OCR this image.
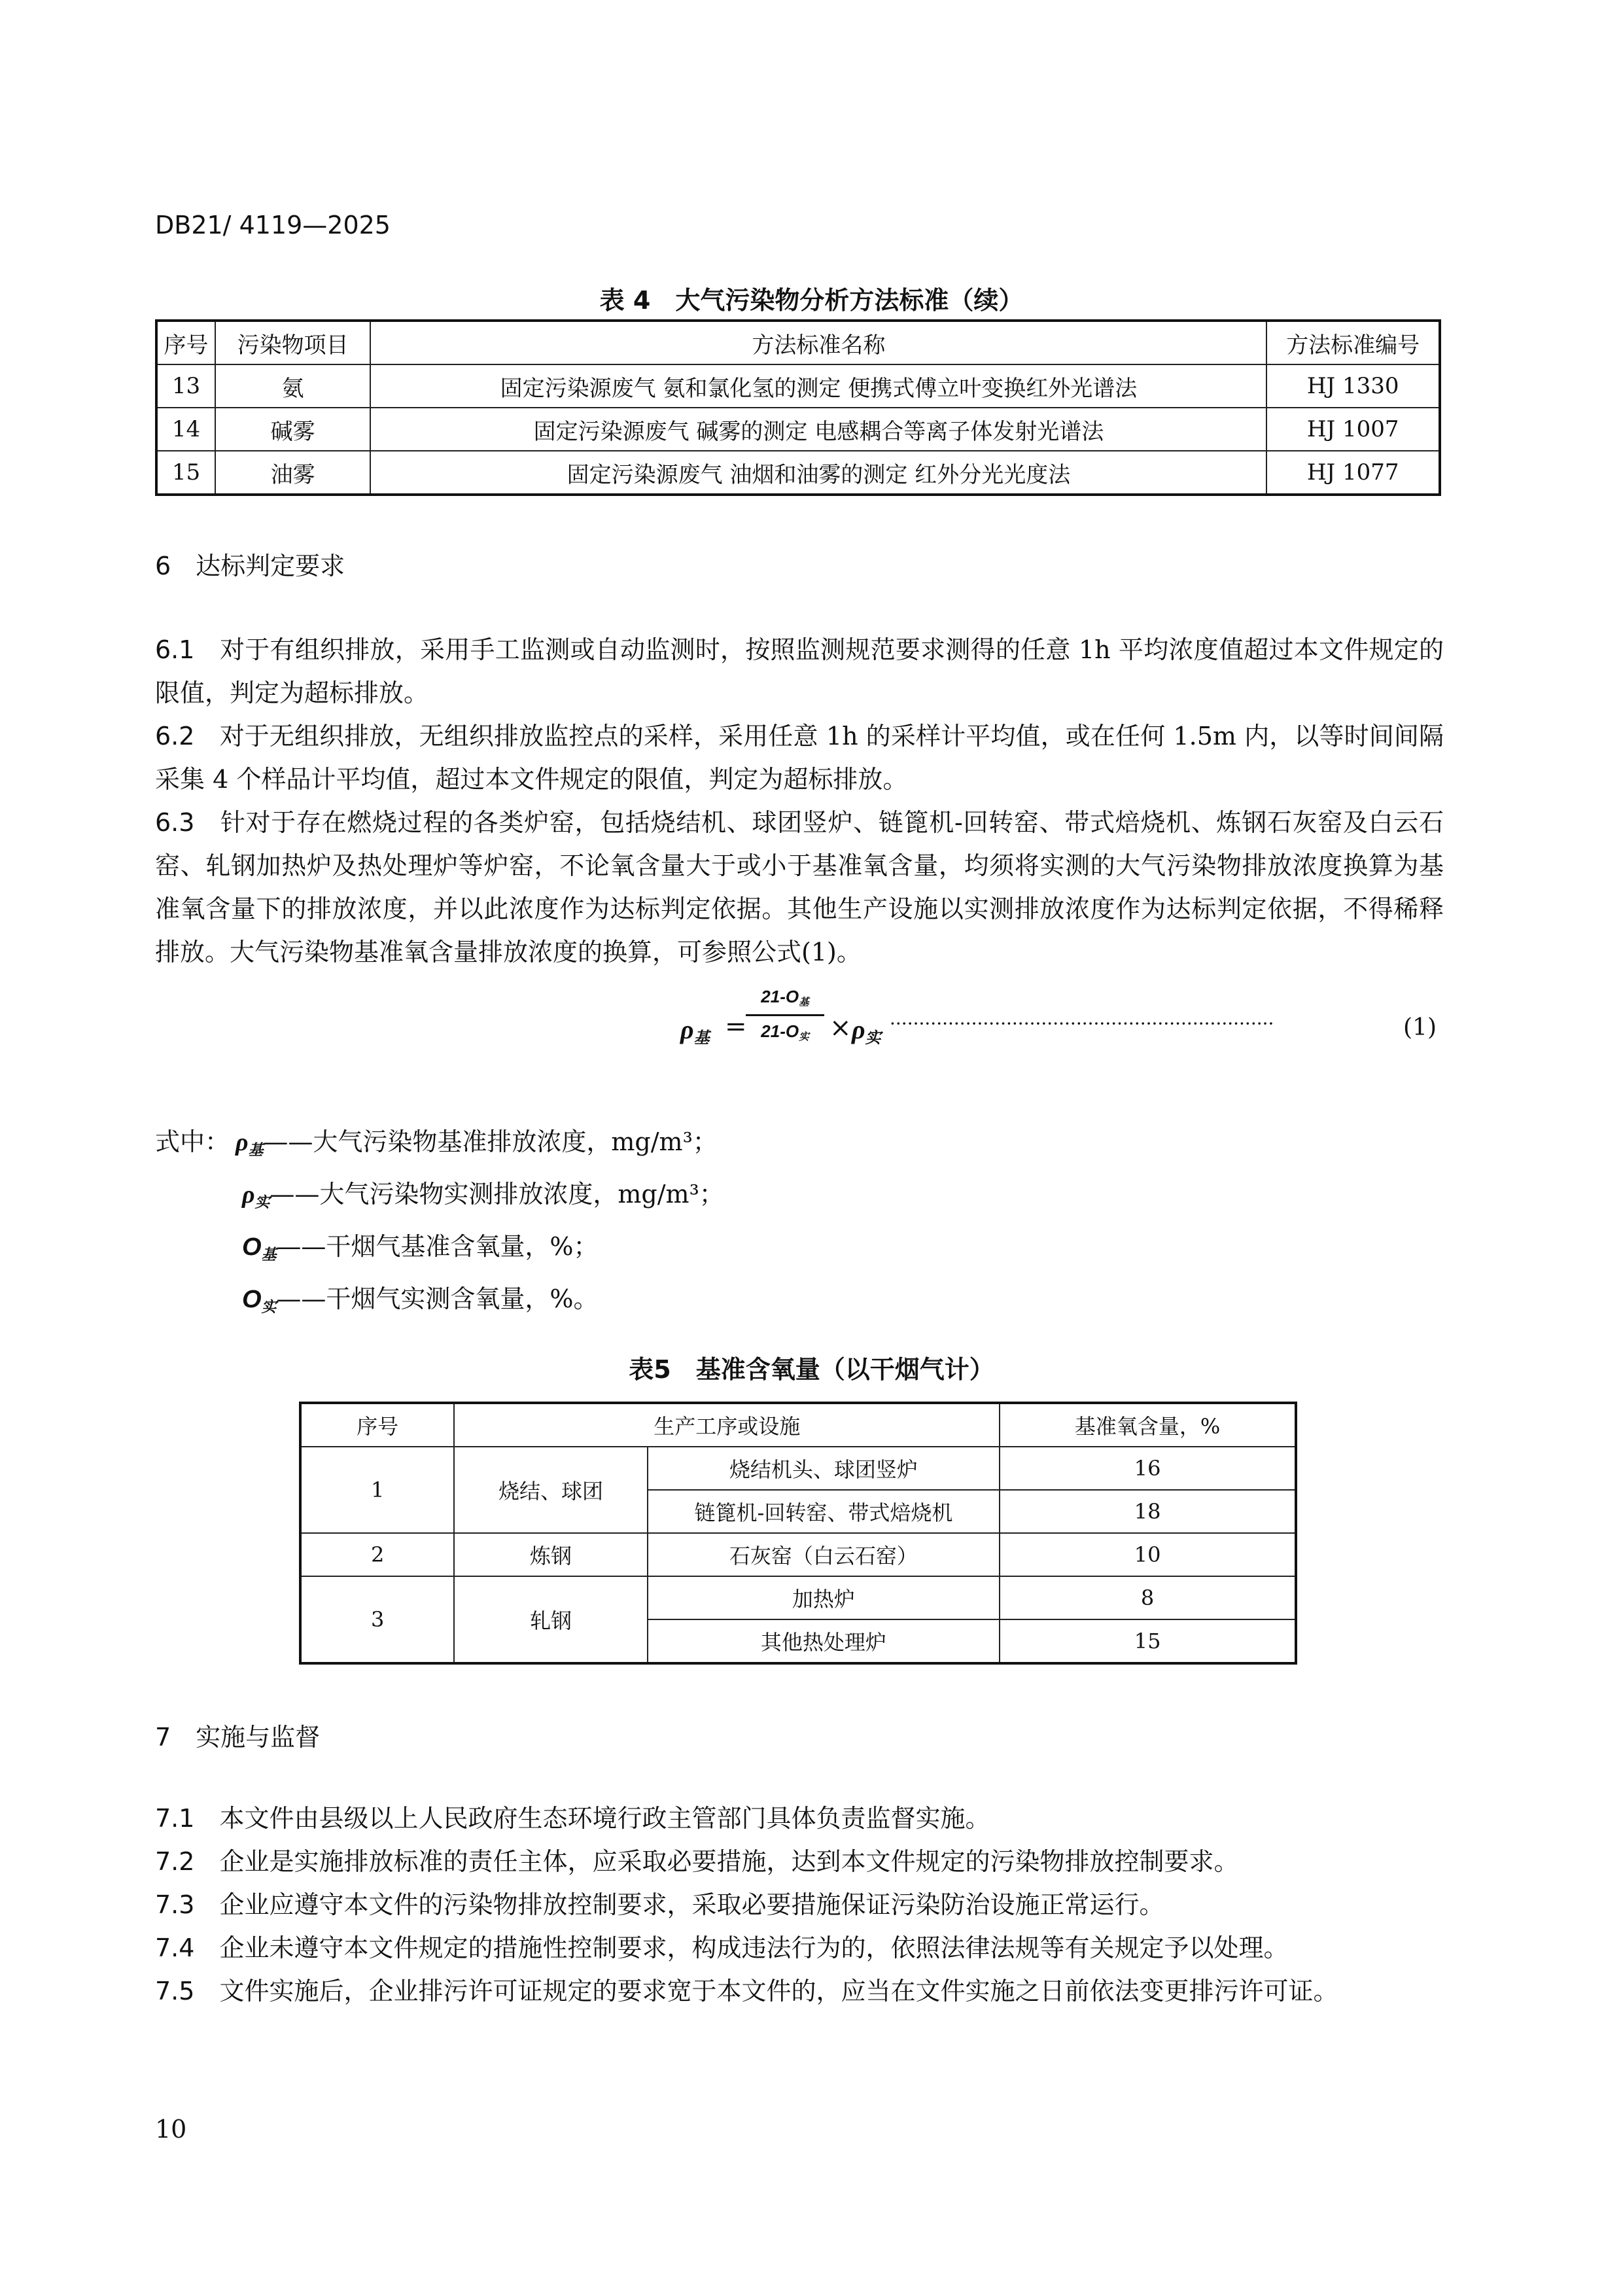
DB21/ 4119—2025
表 4　大气污染物分析方法标准（续）
序号	污染物项目	方法标准名称	方法标准编号
13	氨	固定污染源废气 氨和氯化氢的测定 便携式傅立叶变换红外光谱法	HJ 1330
14	碱雾	固定污染源废气 碱雾的测定 电感耦合等离子体发射光谱法	HJ 1007
15	油雾	固定污染源废气 油烟和油雾的测定 红外分光光度法	HJ 1077
6　达标判定要求
6.1　 对于有组织排放，采用手工监测或自动监测时，按照监测规范要求测得的任意 1h 平均浓度值超过本文件规定的限值，判定为超标排放。
6.2　 对于无组织排放，无组织排放监控点的采样，采用任意 1h 的采样计平均值，或在任何 1.5m 内，以等时间间隔采集 4 个样品计平均值，超过本文件规定的限值，判定为超标排放。
6.3　 针对于存在燃烧过程的各类炉窑，包括烧结机、球团竖炉、链篦机-回转窑、带式焙烧机、炼钢石灰窑及白云石窑、轧钢加热炉及热处理炉等炉窑，不论氧含量大于或小于基准氧含量，均须将实测的大气污染物排放浓度换算为基准氧含量下的排放浓度，并以此浓度作为达标判定依据。其他生产设施以实测排放浓度作为达标判定依据，不得稀释排放。大气污染物基准氧含量排放浓度的换算，可参照公式(1)。
$\rho_基$ =
$21-O_基$
$21-O_实 \times \rho_实$
··································································	(1)
式中： $\rho_基——$大气污染物基准排放浓度，mg/m³；
$\rho_实——$大气污染物实测排放浓度，mg/m³；
$O_基——$干烟气基准含氧量，%；
$O_实——$干烟气实测含氧量，%。
表5　基准含氧量（以干烟气计）
序号	生产工序或设施		基准氧含量，%
1	烧结、球团	烧结机头、球团竖炉	16
		链篦机-回转窑、带式焙烧机	18
2	炼钢	石灰窑（白云石窑）	10
3	轧钢	加热炉	8
		其他热处理炉	15
7　实施与监督
7.1　 本文件由县级以上人民政府生态环境行政主管部门具体负责监督实施。
7.2　 企业是实施排放标准的责任主体，应采取必要措施，达到本文件规定的污染物排放控制要求。
7.3　 企业应遵守本文件的污染物排放控制要求，采取必要措施保证污染防治设施正常运行。
7.4　 企业未遵守本文件规定的措施性控制要求，构成违法行为的，依照法律法规等有关规定予以处理。
7.5　 文件实施后，企业排污许可证规定的要求宽于本文件的，应当在文件实施之日前依法变更排污许可证。
10
